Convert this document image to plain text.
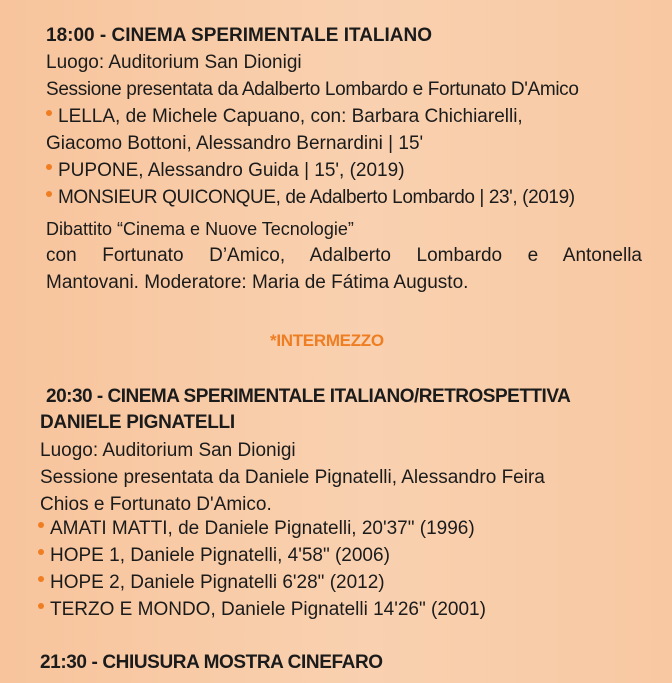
18:00 - CINEMA SPERIMENTALE ITALIANO
Luogo: Auditorium San Dionigi
Sessione presentata da Adalberto Lombardo e Fortunato D'Amico
LELLA, de Michele Capuano, con: Barbara Chichiarelli,
Giacomo Bottoni, Alessandro Bernardini | 15'
PUPONE, Alessandro Guida | 15', (2019)
MONSIEUR QUICONQUE, de Adalberto Lombardo | 23', (2019)
Dibattito “Cinema e Nuove Tecnologie”
con Fortunato D’Amico, Adalberto Lombardo e Antonella
Mantovani. Moderatore: Maria de Fátima Augusto.
*INTERMEZZO
20:30 - CINEMA SPERIMENTALE ITALIANO/RETROSPETTIVA
DANIELE PIGNATELLI
Luogo: Auditorium San Dionigi
Sessione presentata da Daniele Pignatelli, Alessandro Feira
Chios e Fortunato D'Amico.
AMATI MATTI, de Daniele Pignatelli, 20'37" (1996)
HOPE 1, Daniele Pignatelli, 4'58" (2006)
HOPE 2, Daniele Pignatelli 6'28" (2012)
TERZO E MONDO, Daniele Pignatelli 14'26" (2001)
21:30 - CHIUSURA MOSTRA CINEFARO
